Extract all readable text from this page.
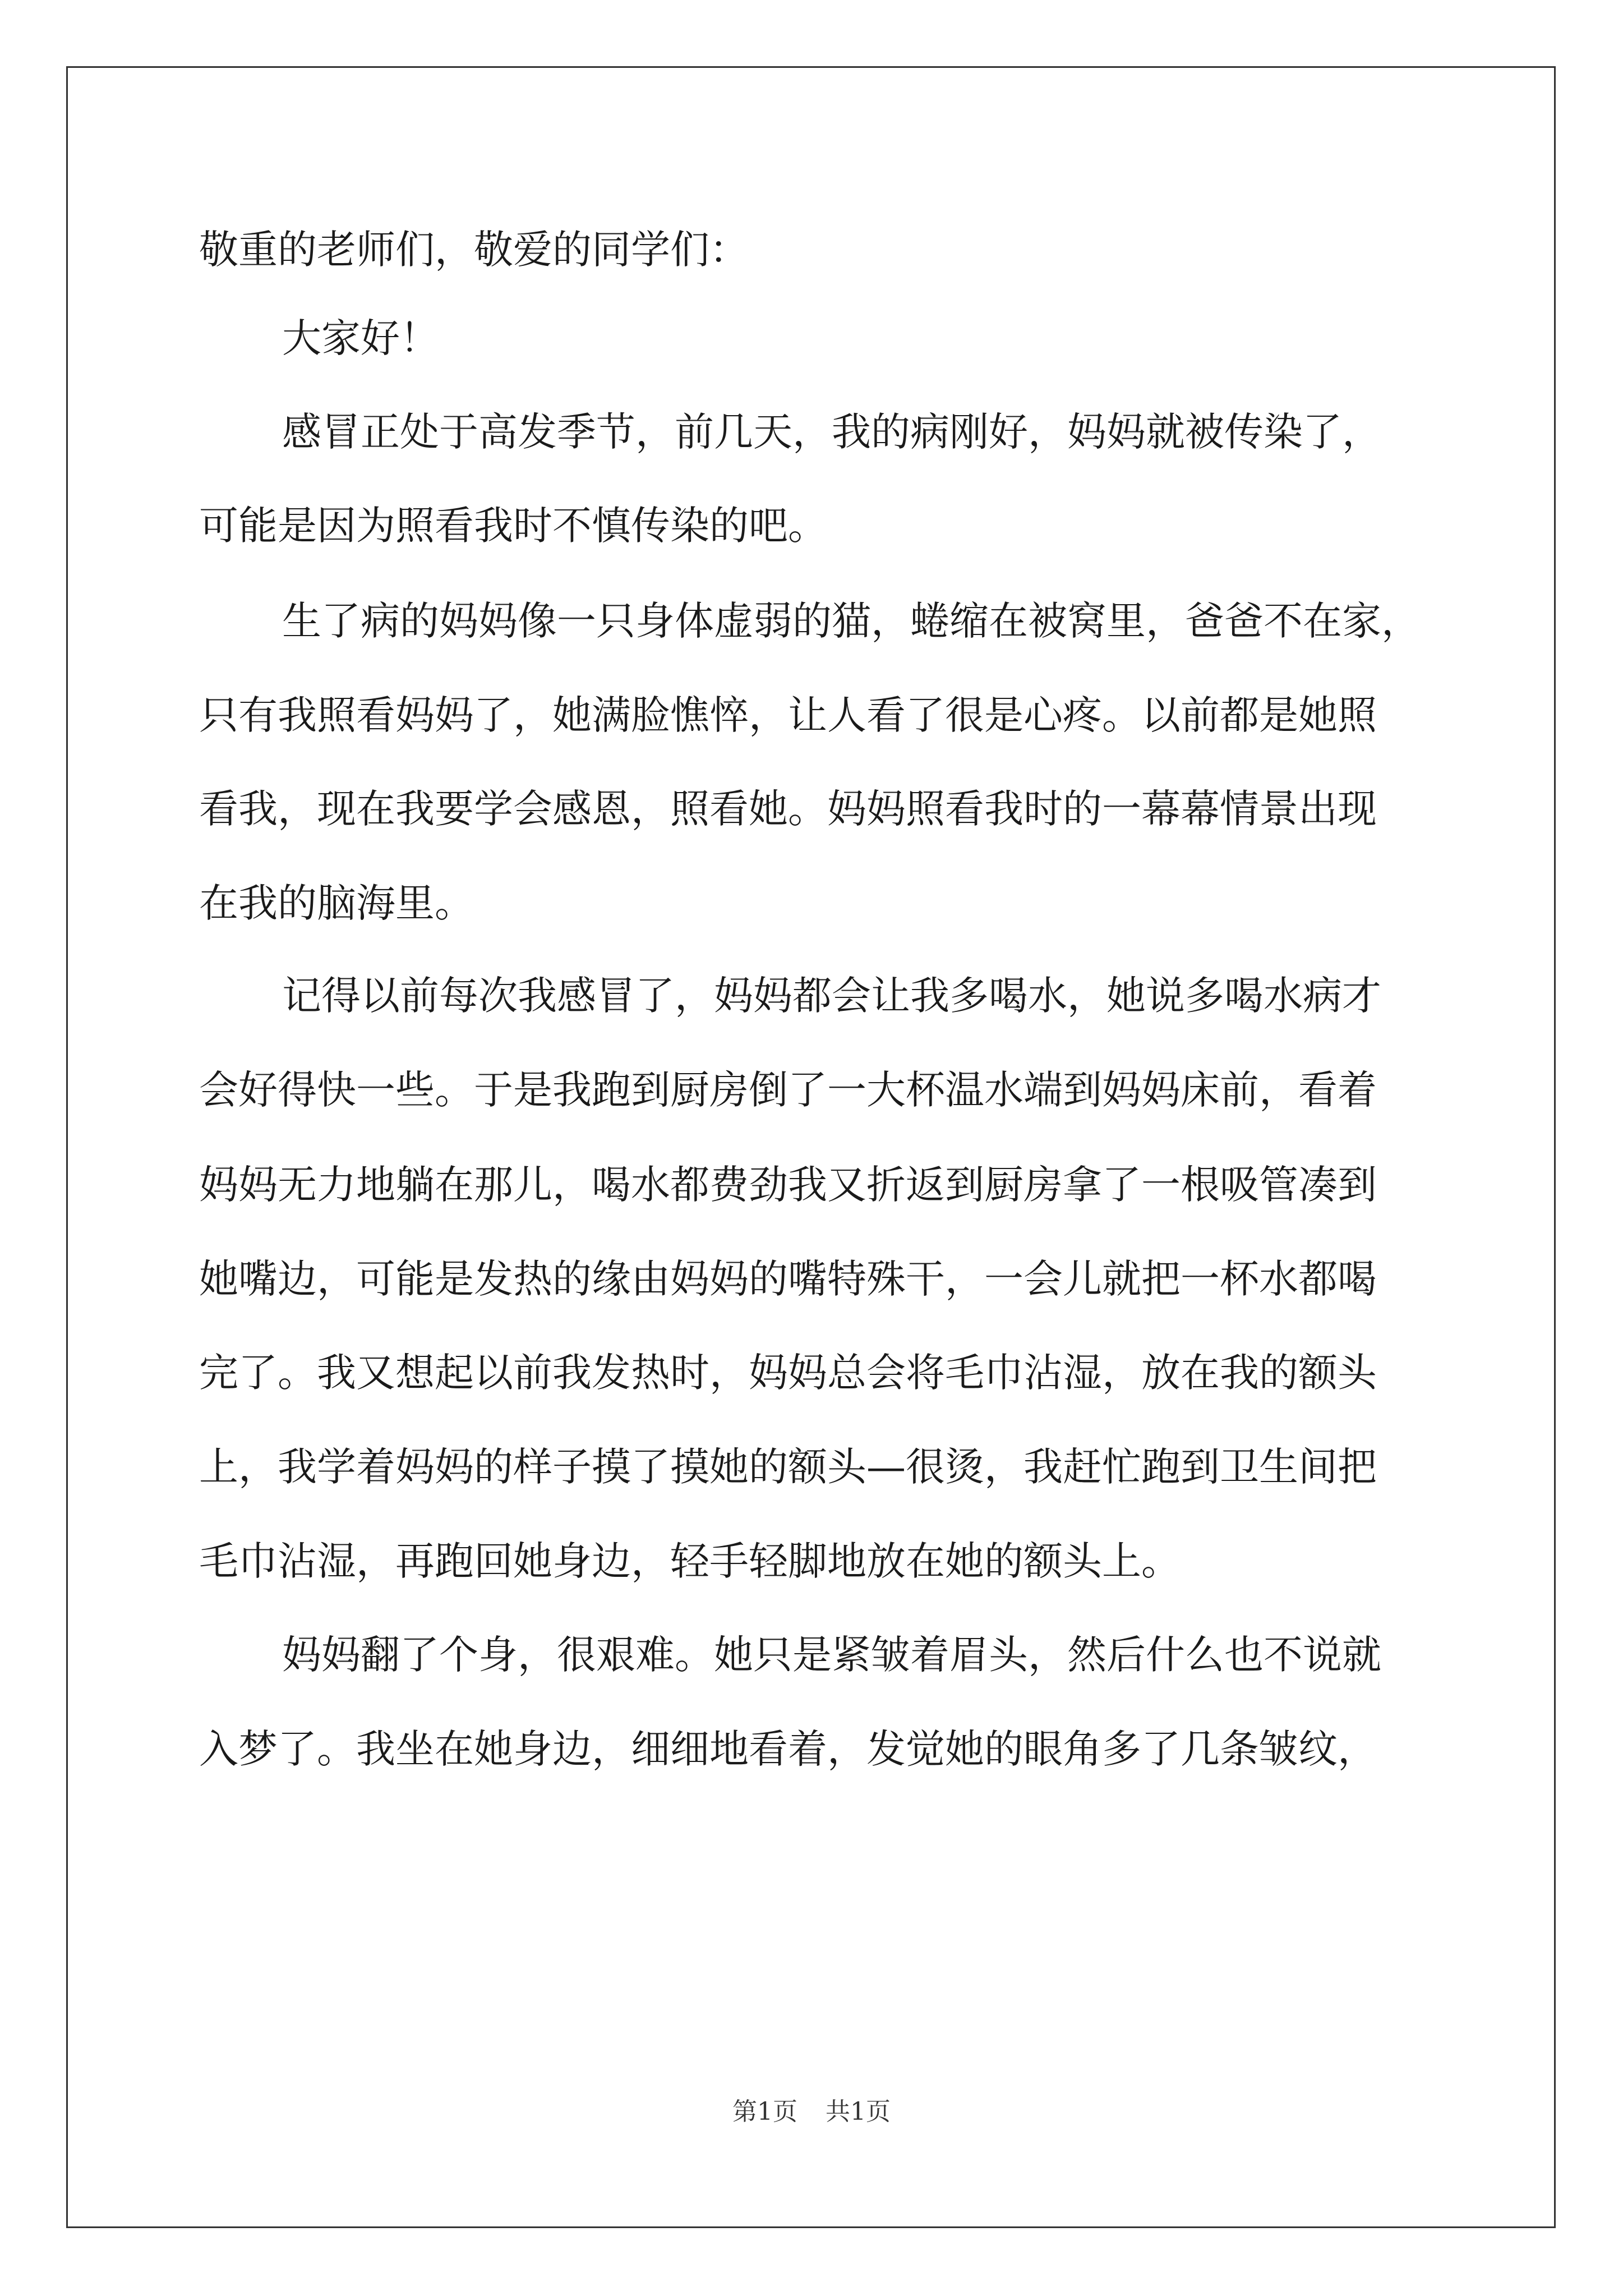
敬重的老师们，敬爱的同学们：
大家好！
感冒正处于高发季节，前几天，我的病刚好，妈妈就被传染了，
可能是因为照看我时不慎传染的吧。
生了病的妈妈像一只身体虚弱的猫，蜷缩在被窝里，爸爸不在家，
只有我照看妈妈了，她满脸憔悴，让人看了很是心疼。以前都是她照
看我，现在我要学会感恩，照看她。妈妈照看我时的一幕幕情景出现
在我的脑海里。
记得以前每次我感冒了，妈妈都会让我多喝水，她说多喝水病才
会好得快一些。于是我跑到厨房倒了一大杯温水端到妈妈床前，看着
妈妈无力地躺在那儿，喝水都费劲我又折返到厨房拿了一根吸管凑到
她嘴边，可能是发热的缘由妈妈的嘴特殊干，一会儿就把一杯水都喝
完了。我又想起以前我发热时，妈妈总会将毛巾沾湿，放在我的额头
上，我学着妈妈的样子摸了摸她的额头—很烫，我赶忙跑到卫生间把
毛巾沾湿，再跑回她身边，轻手轻脚地放在她的额头上。
妈妈翻了个身，很艰难。她只是紧皱着眉头，然后什么也不说就
入梦了。我坐在她身边，细细地看着，发觉她的眼角多了几条皱纹，
第1页 共1页
